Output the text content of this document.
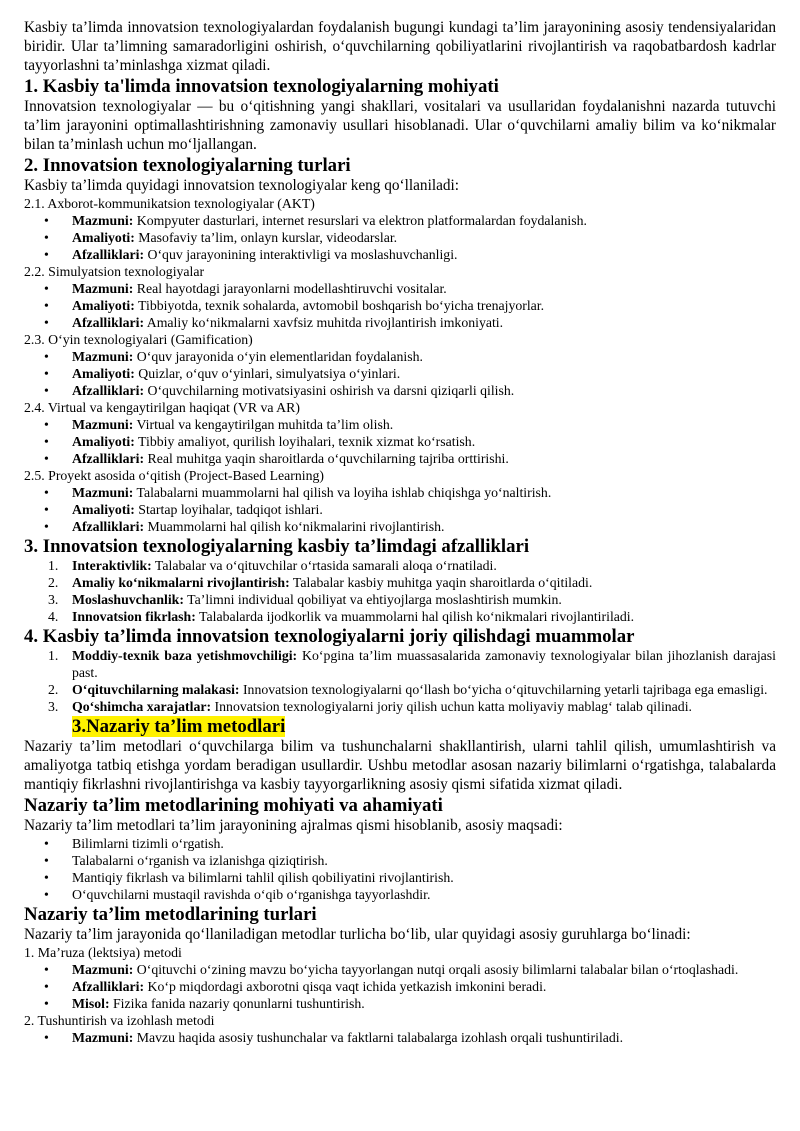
Kasbiy ta’limda innovatsion texnologiyalardan foydalanish bugungi kundagi ta’lim jarayonining asosiy tendensiyalaridan biridir. Ular ta’limning samaradorligini oshirish, o‘quvchilarning qobiliyatlarini rivojlantirish va raqobatbardosh kadrlar tayyorlashni ta’minlashga xizmat qiladi.

1. Kasbiy ta'limda innovatsion texnologiyalarning mohiyati

Innovatsion texnologiyalar — bu o‘qitishning yangi shakllari, vositalari va usullaridan foydalanishni nazarda tutuvchi ta’lim jarayonini optimallashtirishning zamonaviy usullari hisoblanadi. Ular o‘quvchilarni amaliy bilim va ko‘nikmalar bilan ta’minlash uchun mo‘ljallangan.

2. Innovatsion texnologiyalarning turlari

Kasbiy ta’limda quyidagi innovatsion texnologiyalar keng qo‘llaniladi:

2.1. Axborot-kommunikatsion texnologiyalar (AKT)

• Mazmuni: Kompyuter dasturlari, internet resurslari va elektron platformalardan foydalanish.
• Amaliyoti: Masofaviy ta’lim, onlayn kurslar, videodarslar.
• Afzalliklari: O‘quv jarayonining interaktivligi va moslashuvchanligi.

2.2. Simulyatsion texnologiyalar

• Mazmuni: Real hayotdagi jarayonlarni modellashtiruvchi vositalar.
• Amaliyoti: Tibbiyotda, texnik sohalarda, avtomobil boshqarish bo‘yicha trenajyorlar.
• Afzalliklari: Amaliy ko‘nikmalarni xavfsiz muhitda rivojlantirish imkoniyati.

2.3. O‘yin texnologiyalari (Gamification)

• Mazmuni: O‘quv jarayonida o‘yin elementlaridan foydalanish.
• Amaliyoti: Quizlar, o‘quv o‘yinlari, simulyatsiya o‘yinlari.
• Afzalliklari: O‘quvchilarning motivatsiyasini oshirish va darsni qiziqarli qilish.

2.4. Virtual va kengaytirilgan haqiqat (VR va AR)

• Mazmuni: Virtual va kengaytirilgan muhitda ta’lim olish.
• Amaliyoti: Tibbiy amaliyot, qurilish loyihalari, texnik xizmat ko‘rsatish.
• Afzalliklari: Real muhitga yaqin sharoitlarda o‘quvchilarning tajriba orttirishi.

2.5. Proyekt asosida o‘qitish (Project-Based Learning)

• Mazmuni: Talabalarni muammolarni hal qilish va loyiha ishlab chiqishga yo‘naltirish.
• Amaliyoti: Startap loyihalar, tadqiqot ishlari.
• Afzalliklari: Muammolarni hal qilish ko‘nikmalarini rivojlantirish.
3. Innovatsion texnologiyalarning kasbiy ta’limdagi afzalliklari
1. Interaktivlik: Talabalar va o‘qituvchilar o‘rtasida samarali aloqa o‘rnatiladi.
2. Amaliy ko‘nikmalarni rivojlantirish: Talabalar kasbiy muhitga yaqin sharoitlarda o‘qitiladi.
3. Moslashuvchanlik: Ta’limni individual qobiliyat va ehtiyojlarga moslashtirish mumkin.
4. Innovatsion fikrlash: Talabalarda ijodkorlik va muammolarni hal qilish ko‘nikmalari rivojlantiriladi.
4. Kasbiy ta’limda innovatsion texnologiyalarni joriy qilishdagi muammolar
1. Moddiy-texnik baza yetishmovchiligi: Ko‘pgina ta’lim muassasalarida zamonaviy texnologiyalar bilan jihozlanish darajasi past.
2. O‘qituvchilarning malakasi: Innovatsion texnologiyalarni qo‘llash bo‘yicha o‘qituvchilarning yetarli tajribaga ega emasligi.
3. Qo‘shimcha xarajatlar: Innovatsion texnologiyalarni joriy qilish uchun katta moliyaviy mablag‘ talab qilinadi.
3.Nazariy ta’lim metodlari

Nazariy ta’lim metodlari o‘quvchilarga bilim va tushunchalarni shakllantirish, ularni tahlil qilish, umumlashtirish va amaliyotga tatbiq etishga yordam beradigan usullardir. Ushbu metodlar asosan nazariy bilimlarni o‘rgatishga, talabalarda mantiqiy fikrlashni rivojlantirishga va kasbiy tayyorgarlikning asosiy qismi sifatida xizmat qiladi.

Nazariy ta’lim metodlarining mohiyati va ahamiyati

Nazariy ta’lim metodlari ta’lim jarayonining ajralmas qismi hisoblanib, asosiy maqsadi:

• Bilimlarni tizimli o‘rgatish.
• Talabalarni o‘rganish va izlanishga qiziqtirish.
• Mantiqiy fikrlash va bilimlarni tahlil qilish qobiliyatini rivojlantirish.
• O‘quvchilarni mustaqil ravishda o‘qib o‘rganishga tayyorlashdir.
Nazariy ta’lim metodlarining turlari

Nazariy ta’lim jarayonida qo‘llaniladigan metodlar turlicha bo‘lib, ular quyidagi asosiy guruhlarga bo‘linadi:

1. Ma’ruza (lektsiya) metodi

• Mazmuni: O‘qituvchi o‘zining mavzu bo‘yicha tayyorlangan nutqi orqali asosiy bilimlarni talabalar bilan o‘rtoqlashadi.
• Afzalliklari: Ko‘p miqdordagi axborotni qisqa vaqt ichida yetkazish imkonini beradi.
• Misol: Fizika fanida nazariy qonunlarni tushuntirish.

2. Tushuntirish va izohlash metodi

• Mazmuni: Mavzu haqida asosiy tushunchalar va faktlarni talabalarga izohlash orqali tushuntiriladi.
